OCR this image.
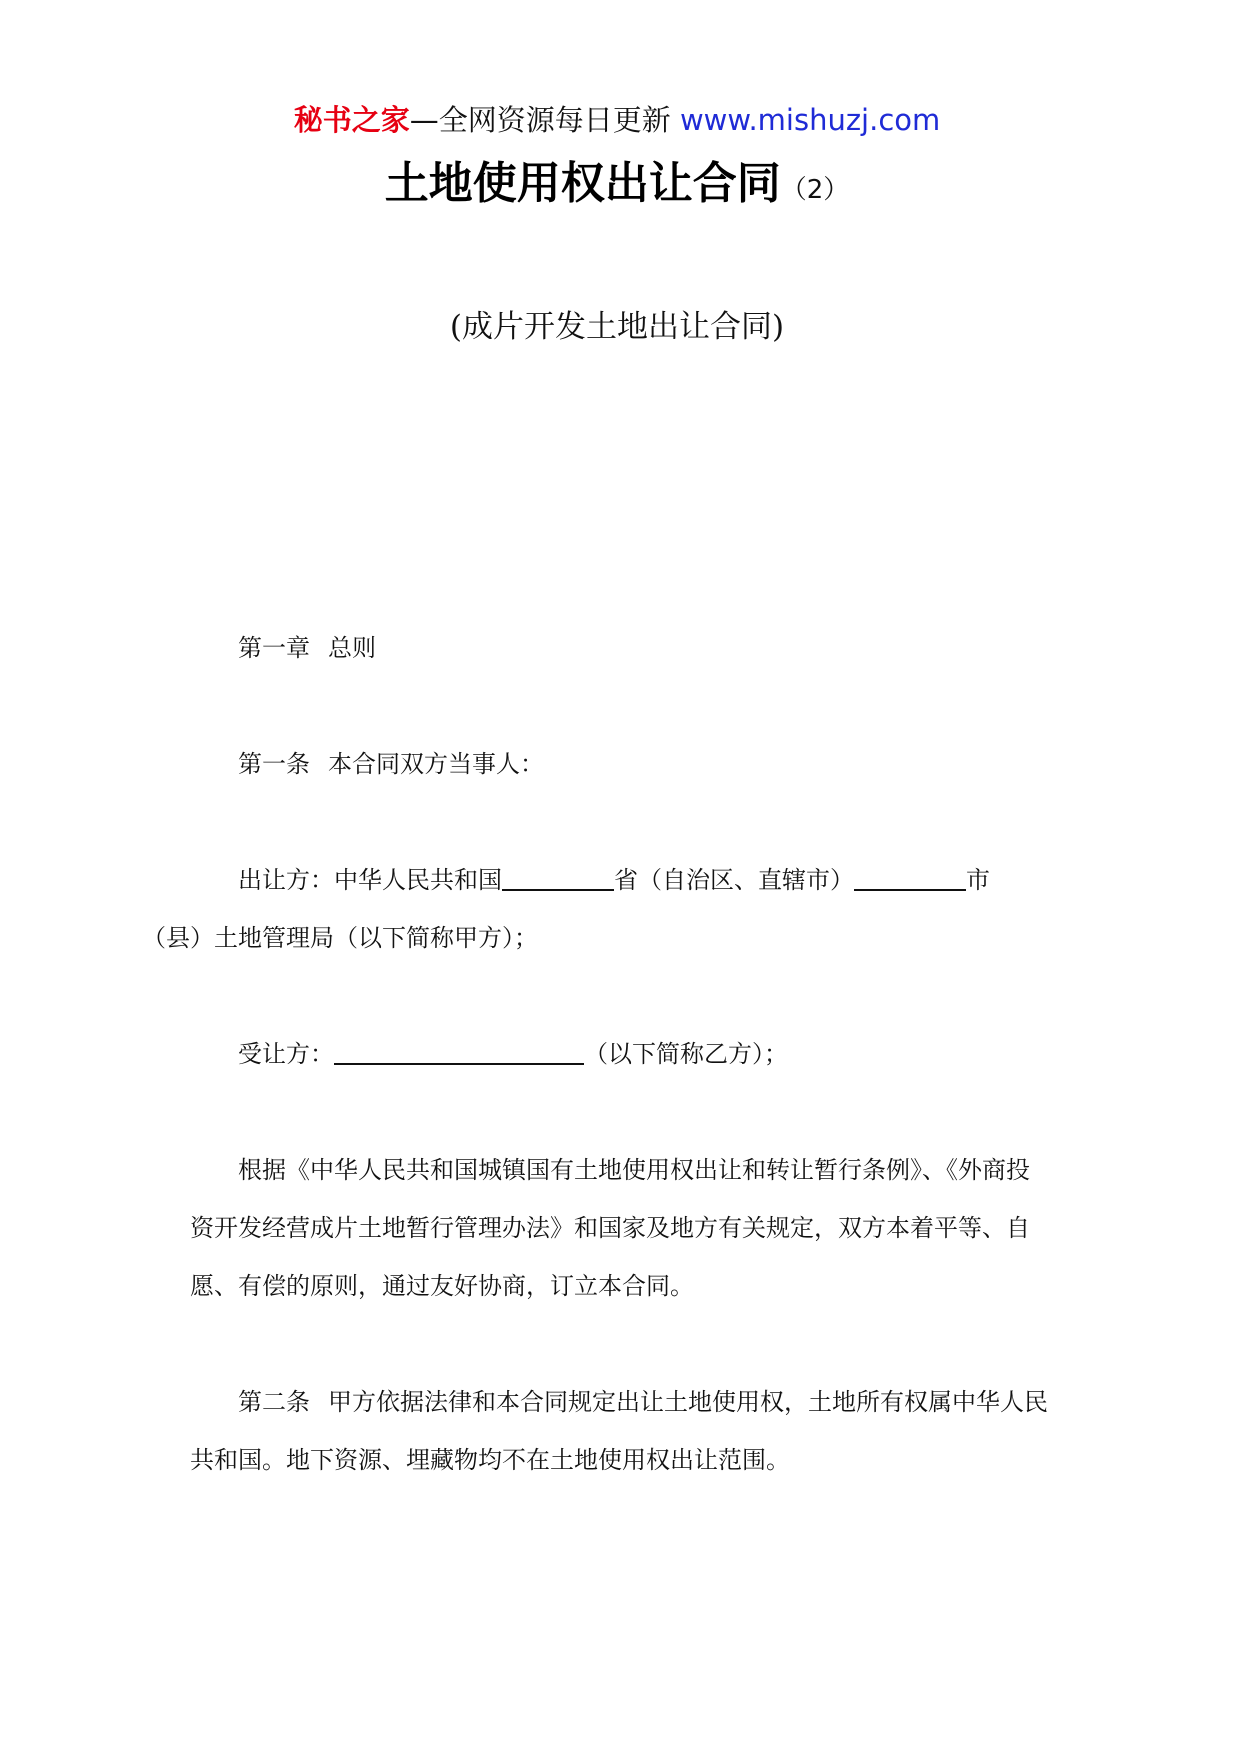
秘书之家—全网资源每日更新 www.mishuzj.com
土地使用权出让合同（2）
(成片开发土地出让合同)

第一章 总则

第一条 本合同双方当事人：

出让方：中华人民共和国	省（自治区、直辖市）	市
（县）土地管理局（以下简称甲方）；

受让方：	（以下简称乙方）；

根据《中华人民共和国城镇国有土地使用权出让和转让暂行条例》、《外商投资开发经营成片土地暂行管理办法》和国家及地方有关规定，双方本着平等、自愿、有偿的原则，通过友好协商，订立本合同。

第二条 甲方依据法律和本合同规定出让土地使用权，土地所有权属中华人民共和国。地下资源、埋藏物均不在土地使用权出让范围。
